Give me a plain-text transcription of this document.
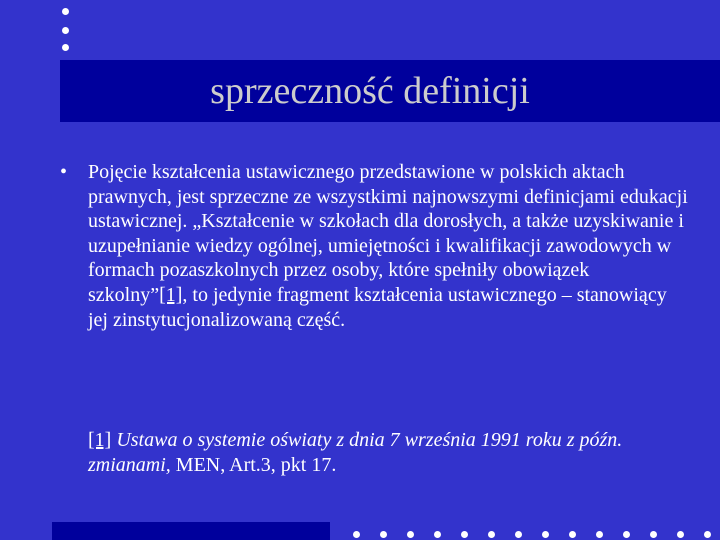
sprzeczność definicji
• Pojęcie kształcenia ustawicznego przedstawione w polskich aktach prawnych, jest sprzeczne ze wszystkimi najnowszymi definicjami edukacji ustawicznej. „Kształcenie w szkołach dla dorosłych, a także uzyskiwanie i uzupełnianie wiedzy ogólnej, umiejętności i kwalifikacji zawodowych w formach pozaszkolnych przez osoby, które spełniły obowiązek szkolny”[1], to jedynie fragment kształcenia ustawicznego – stanowiący jej zinstytucjonalizowaną część.
[1] Ustawa o systemie oświaty z dnia 7 września 1991 roku z późn. zmianami, MEN, Art.3, pkt 17.
